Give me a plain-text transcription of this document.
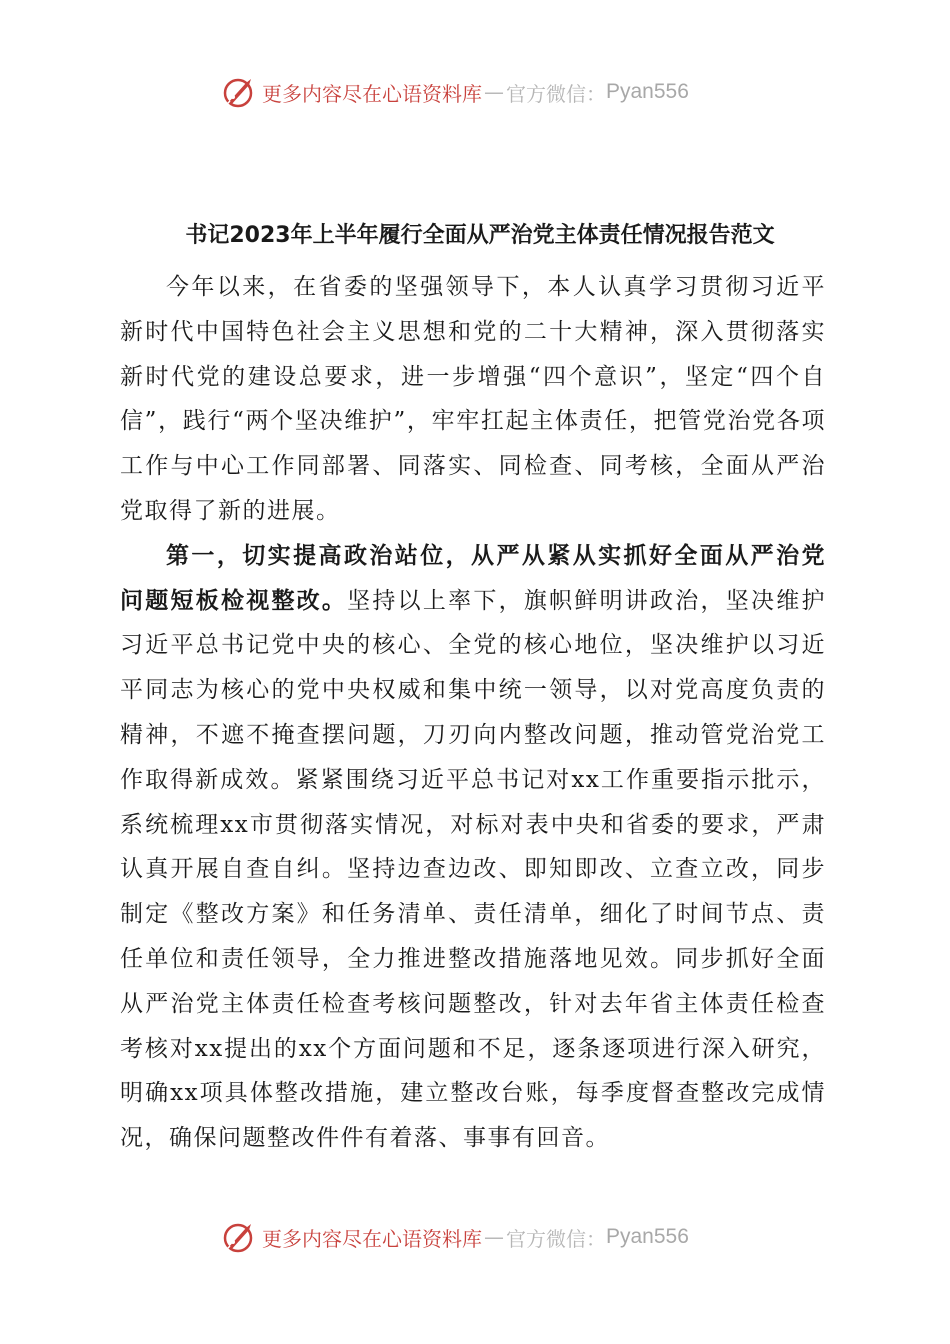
更多内容尽在心语资料库 — 官方微信： Pyan556
书记2023年上半年履行全面从严治党主体责任情况报告范文

今年以来，在省委的坚强领导下，本人认真学习贯彻习近平新时代中国特色社会主义思想和党的二十大精神，深入贯彻落实新时代党的建设总要求，进一步增强“四个意识”，坚定“四个自信”，践行“两个坚决维护”，牢牢扛起主体责任，把管党治党各项工作与中心工作同部署、同落实、同检查、同考核，全面从严治党取得了新的进展。

第一，切实提高政治站位，从严从紧从实抓好全面从严治党问题短板检视整改。坚持以上率下，旗帜鲜明讲政治，坚决维护习近平总书记党中央的核心、全党的核心地位，坚决维护以习近平同志为核心的党中央权威和集中统一领导，以对党高度负责的精神，不遮不掩查摆问题，刀刃向内整改问题，推动管党治党工作取得新成效。紧紧围绕习近平总书记对xx工作重要指示批示，系统梳理xx市贯彻落实情况，对标对表中央和省委的要求，严肃认真开展自查自纠。坚持边查边改、即知即改、立查立改，同步制定《整改方案》和任务清单、责任清单，细化了时间节点、责任单位和责任领导，全力推进整改措施落地见效。同步抓好全面从严治党主体责任检查考核问题整改，针对去年省主体责任检查考核对xx提出的xx个方面问题和不足，逐条逐项进行深入研究，明确xx项具体整改措施，建立整改台账，每季度督查整改完成情况，确保问题整改件件有着落、事事有回音。

更多内容尽在心语资料库 — 官方微信： Pyan556
